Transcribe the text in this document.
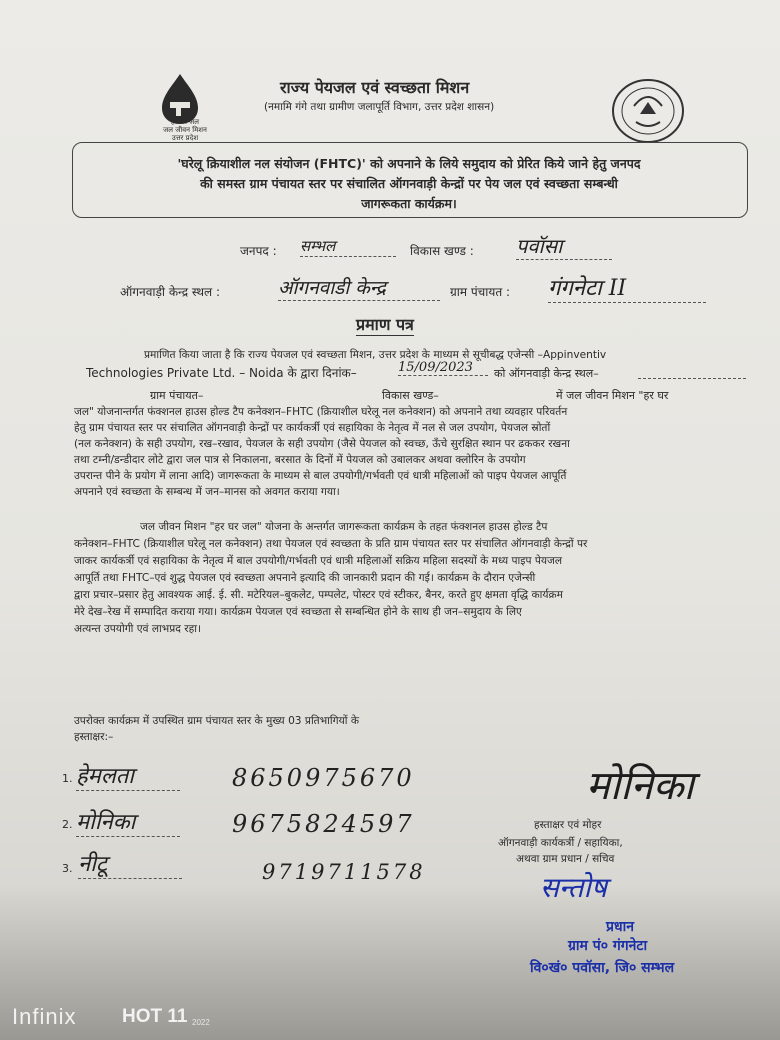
हर घर जल
जल जीवन मिशन
उत्तर प्रदेश
राज्य पेयजल एवं स्वच्छता मिशन
(नमामि गंगे तथा ग्रामीण जलापूर्ति विभाग, उत्तर प्रदेश शासन)
'घरेलू क्रियाशील नल संयोजन (FHTC)' को अपनाने के लिये समुदाय को प्रेरित किये जाने हेतु जनपद
की समस्त ग्राम पंचायत स्तर पर संचालित ऑगनवाड़ी केन्द्रों पर पेय जल एवं स्वच्छता सम्बन्धी
जागरूकता कार्यक्रम।
जनपद : सम्भल	विकास खण्ड : पवॉसा
ऑगनवाड़ी केन्द्र स्थल :	ऑगनवाडी केन्द्र	ग्राम पंचायत : गंगनेटा II
प्रमाण पत्र
प्रमाणित किया जाता है कि राज्य पेयजल एवं स्वच्छता मिशन, उत्तर प्रदेश के माध्यम से सूचीबद्ध एजेन्सी –Appinventiv
Technologies Private Ltd. – Noida के द्वारा दिनांक–	15/09/2023	को ऑगनवाड़ी केन्द्र स्थल–
ग्राम पंचायत–	विकास खण्ड–	में जल जीवन मिशन "हर घर
जल" योजनान्तर्गत फंक्शनल हाउस होल्ड टैप कनेक्शन–FHTC (क्रियाशील घरेलू नल कनेक्शन) को अपनाने तथा व्यवहार परिवर्तन
हेतु ग्राम पंचायत स्तर पर संचालित ऑगनवाड़ी केन्द्रों पर कार्यकर्त्री एवं सहायिका के नेतृत्व में नल से जल उपयोग, पेयजल स्रोतों
(नल कनेक्शन) के सही उपयोग, रख–रखाव, पेयजल के सही उपयोग (जैसे पेयजल को स्वच्छ, ऊँचे सुरक्षित स्थान पर ढककर रखना
तथा टम्नी/डन्डीदार लोटे द्वारा जल पात्र से निकालना, बरसात के दिनों में पेयजल को उबालकर अथवा क्लोरिन के उपयोग
उपरान्त पीने के प्रयोग में लाना आदि) जागरूकता के माध्यम से बाल उपयोगी/गर्भवती एवं धात्री महिलाओं को पाइप पेयजल आपूर्ति
अपनाने एवं स्वच्छता के सम्बन्ध में जन–मानस को अवगत कराया गया।
जल जीवन मिशन "हर घर जल" योजना के अन्तर्गत जागरूकता कार्यक्रम के तहत फंक्शनल हाउस होल्ड टैप
कनेक्शन–FHTC (क्रियाशील घरेलू नल कनेक्शन) तथा पेयजल एवं स्वच्छता के प्रति ग्राम पंचायत स्तर पर संचालित ऑगनवाड़ी केन्द्रों पर
जाकर कार्यकर्त्री एवं सहायिका के नेतृत्व में बाल उपयोगी/गर्भवती एवं धात्री महिलाओं सक्रिय महिला सदस्यों के मध्य पाइप पेयजल
आपूर्ति तथा FHTC–एवं शुद्ध पेयजल एवं स्वच्छता अपनाने इत्यादि की जानकारी प्रदान की गई। कार्यक्रम के दौरान एजेन्सी
द्वारा प्रचार–प्रसार हेतु आवश्यक आई. ई. सी. मटेरियल–बुकलेट, पम्पलेट, पोस्टर एवं स्टीकर, बैनर, करते हुए क्षमता वृद्धि कार्यक्रम
मेरे देख–रेख में सम्पादित कराया गया। कार्यक्रम पेयजल एवं स्वच्छता से सम्बन्धित होने के साथ ही जन–समुदाय के लिए
अत्यन्त उपयोगी एवं लाभप्रद रहा।
उपरोक्त कार्यक्रम में उपस्थित ग्राम पंचायत स्तर के मुख्य 03 प्रतिभागियों के
हस्ताक्षर:–
1. हेमलता	8650975670
2. मोनिका	9675824597
3. नीटू	9719711578
मोनिका
हस्ताक्षर एवं मोहर
ऑगनवाड़ी कार्यकर्त्री / सहायिका,
अथवा ग्राम प्रधान / सचिव
सन्तोष
प्रधान
ग्राम पं० गंगनेटा
वि०खं० पवॉसा, जि० सम्भल
Infinix HOT 11 2022
